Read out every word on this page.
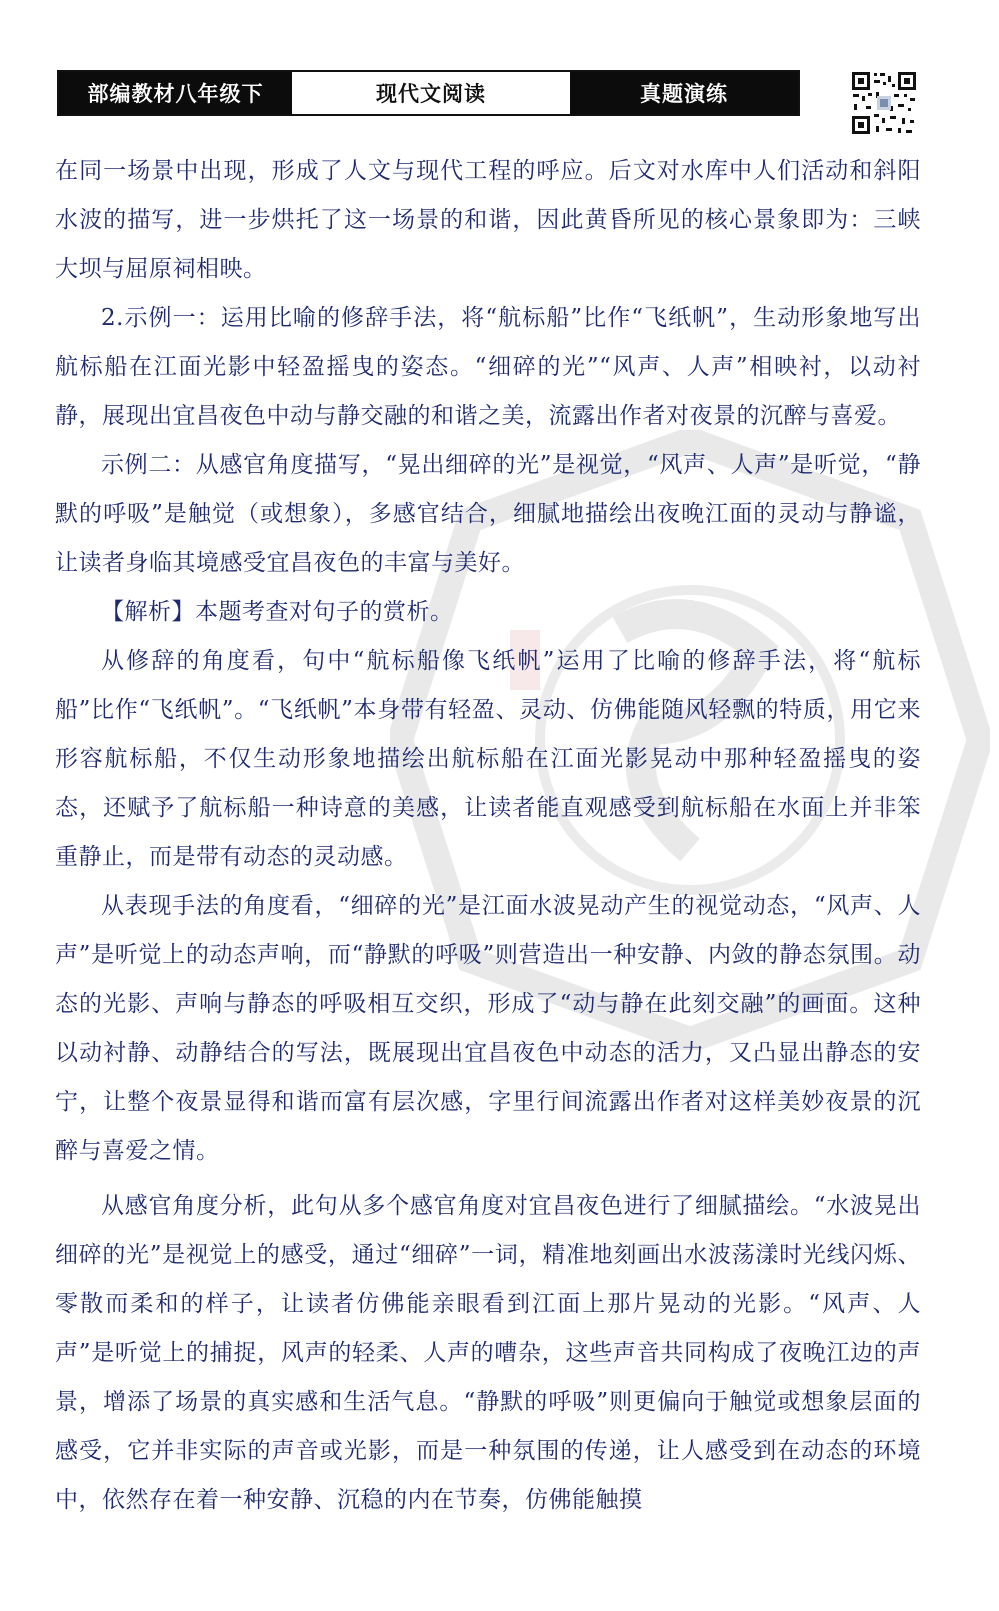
部编教材八年级下	现代文阅读	真题演练

在同一场景中出现，形成了人文与现代工程的呼应。后文对水库中人们活动和斜阳水波的描写，进一步烘托了这一场景的和谐，因此黄昏所见的核心景象即为：三峡大坝与屈原祠相映。

2.示例一：运用比喻的修辞手法，将“航标船”比作“飞纸帆”，生动形象地写出航标船在江面光影中轻盈摇曳的姿态。“细碎的光”“风声、人声”相映衬，以动衬静，展现出宜昌夜色中动与静交融的和谐之美，流露出作者对夜景的沉醉与喜爱。

示例二：从感官角度描写，“晃出细碎的光”是视觉，“风声、人声”是听觉，“静默的呼吸”是触觉（或想象），多感官结合，细腻地描绘出夜晚江面的灵动与静谧，让读者身临其境感受宜昌夜色的丰富与美好。

【解析】本题考查对句子的赏析。

从修辞的角度看，句中“航标船像飞纸帆”运用了比喻的修辞手法，将“航标船”比作“飞纸帆”。“飞纸帆”本身带有轻盈、灵动、仿佛能随风轻飘的特质，用它来形容航标船，不仅生动形象地描绘出航标船在江面光影晃动中那种轻盈摇曳的姿态，还赋予了航标船一种诗意的美感，让读者能直观感受到航标船在水面上并非笨重静止，而是带有动态的灵动感。

从表现手法的角度看，“细碎的光”是江面水波晃动产生的视觉动态，“风声、人声”是听觉上的动态声响，而“静默的呼吸”则营造出一种安静、内敛的静态氛围。动态的光影、声响与静态的呼吸相互交织，形成了“动与静在此刻交融”的画面。这种以动衬静、动静结合的写法，既展现出宜昌夜色中动态的活力，又凸显出静态的安宁，让整个夜景显得和谐而富有层次感，字里行间流露出作者对这样美妙夜景的沉醉与喜爱之情。

从感官角度分析，此句从多个感官角度对宜昌夜色进行了细腻描绘。“水波晃出细碎的光”是视觉上的感受，通过“细碎”一词，精准地刻画出水波荡漾时光线闪烁、零散而柔和的样子，让读者仿佛能亲眼看到江面上那片晃动的光影。“风声、人声”是听觉上的捕捉，风声的轻柔、人声的嘈杂，这些声音共同构成了夜晚江边的声景，增添了场景的真实感和生活气息。“静默的呼吸”则更偏向于触觉或想象层面的感受，它并非实际的声音或光影，而是一种氛围的传递，让人感受到在动态的环境中，依然存在着一种安静、沉稳的内在节奏，仿佛能触摸
